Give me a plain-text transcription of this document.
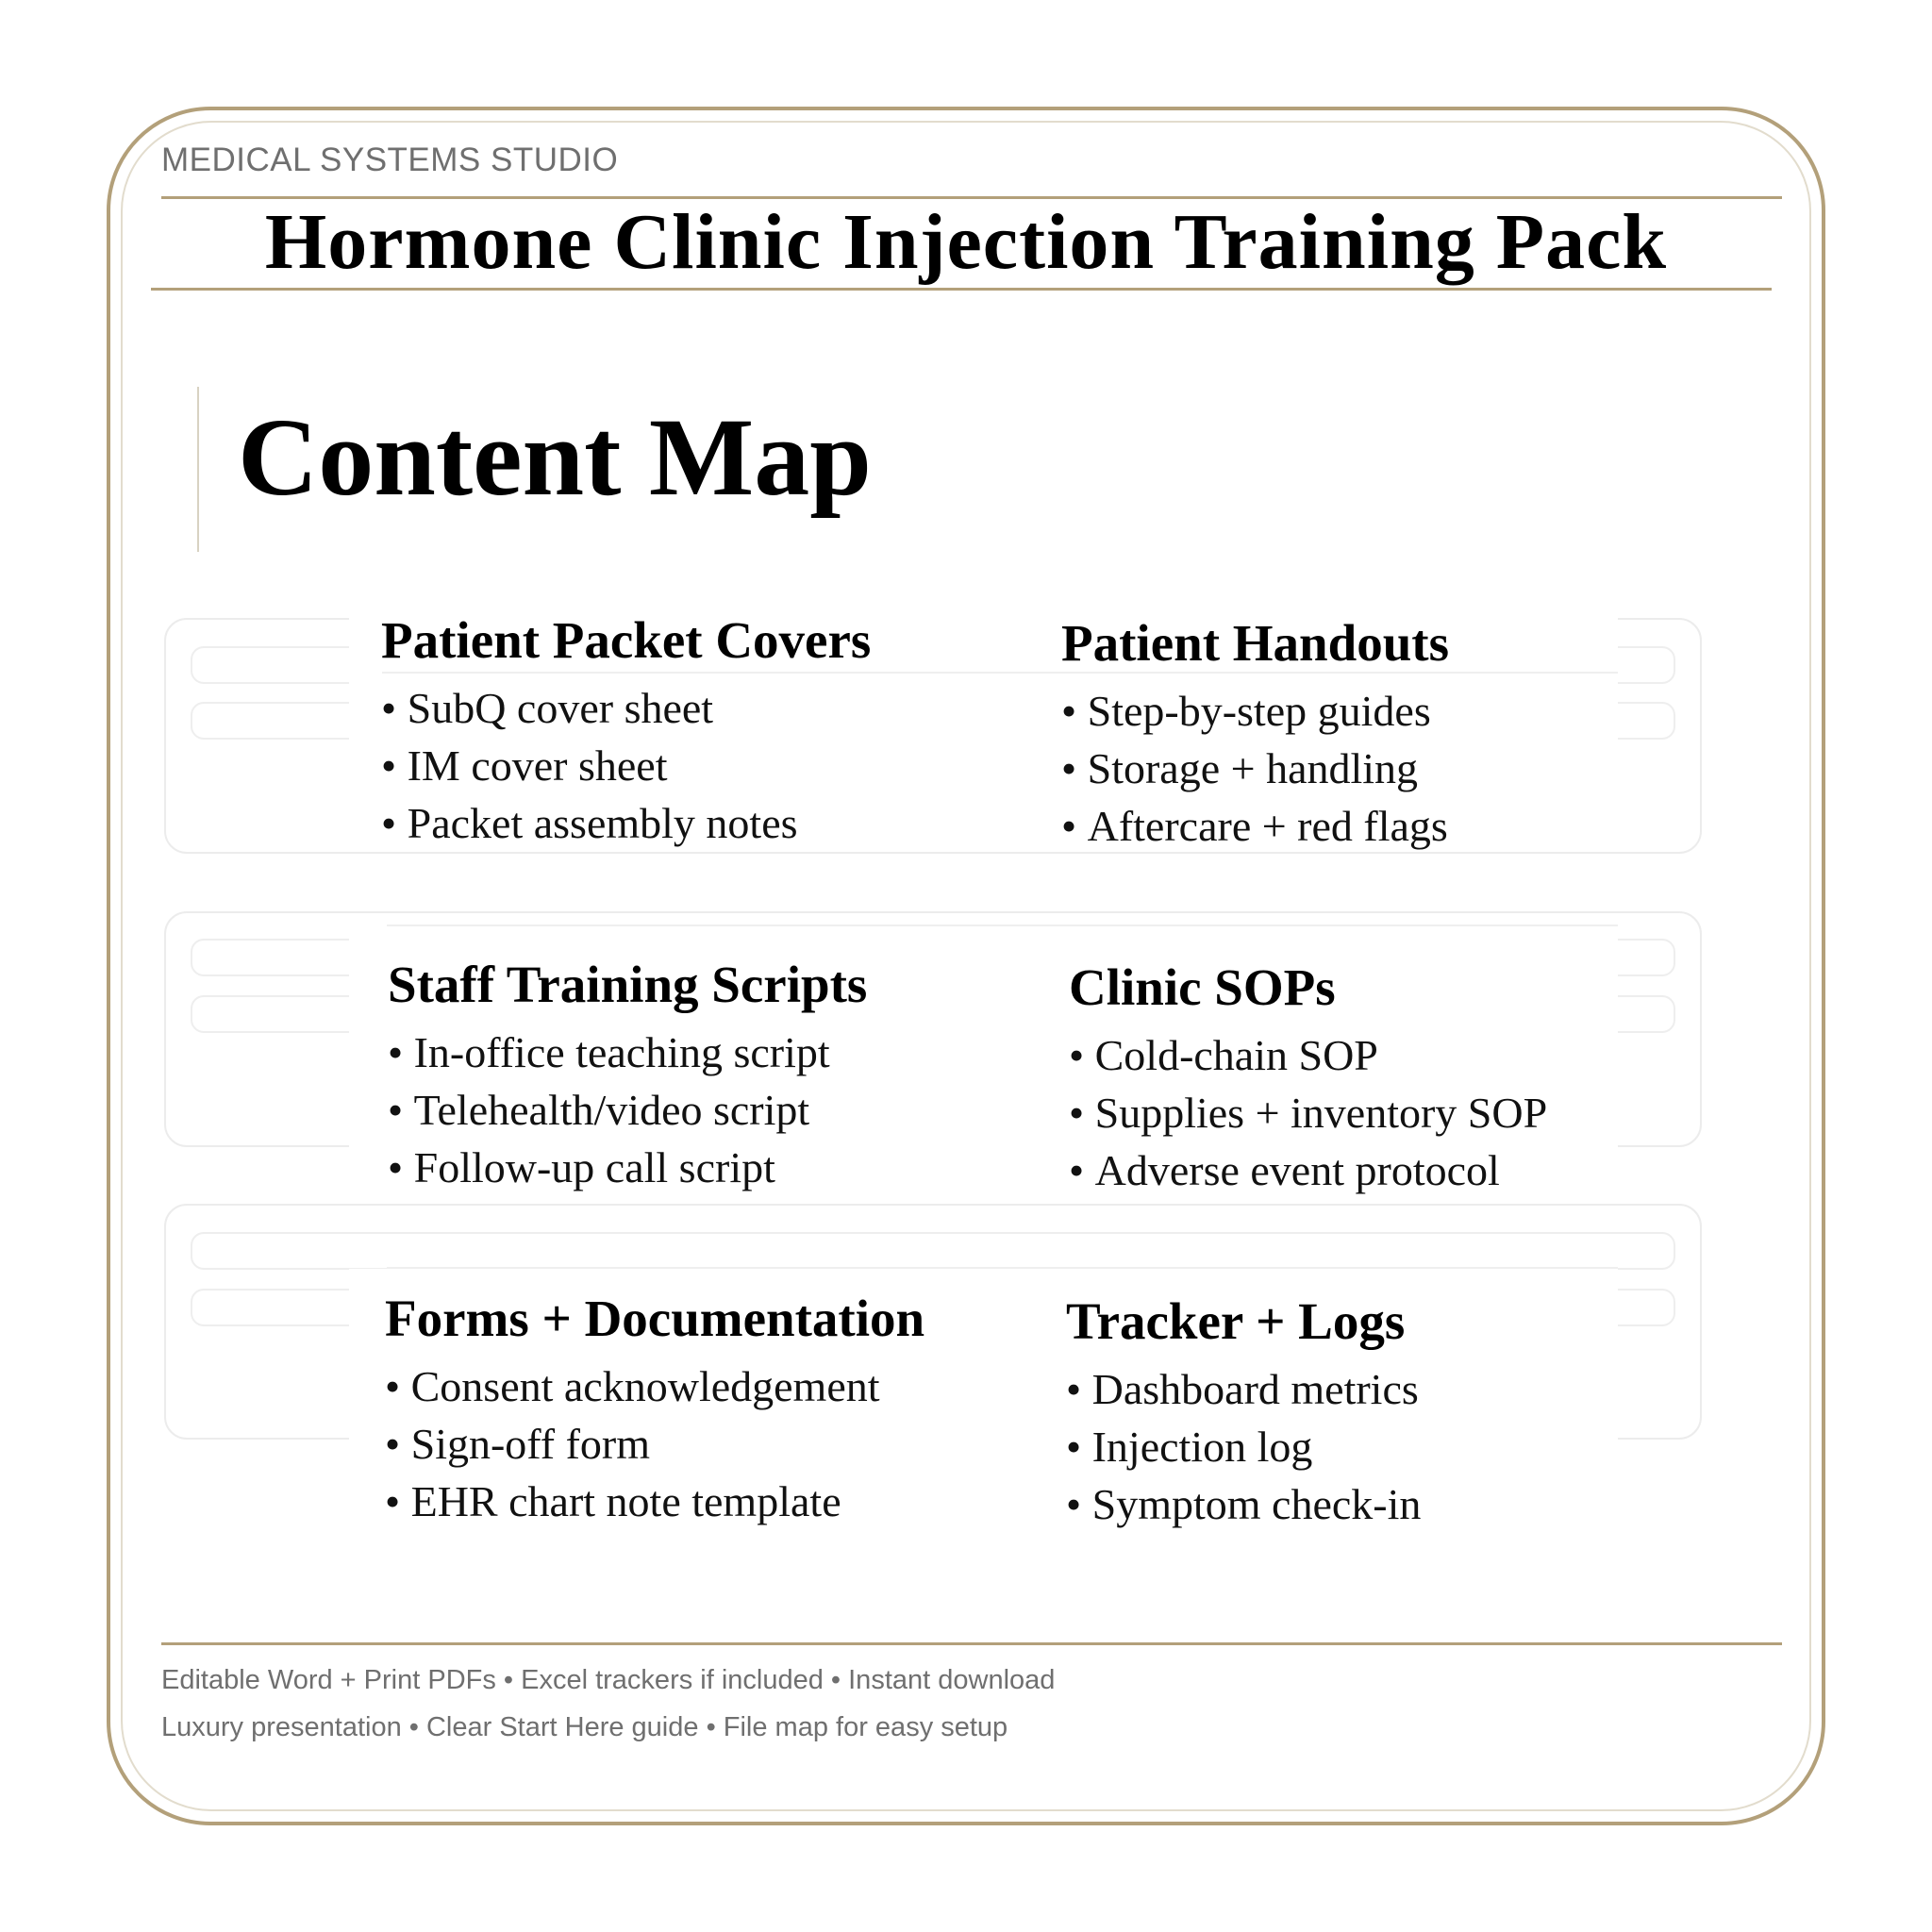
MEDICAL SYSTEMS STUDIO
Hormone Clinic Injection Training Pack
Content Map
Patient Packet Covers
• SubQ cover sheet
• IM cover sheet
• Packet assembly notes
Patient Handouts
• Step-by-step guides
• Storage + handling
• Aftercare + red flags
Staff Training Scripts
• In-office teaching script
• Telehealth/video script
• Follow-up call script
Clinic SOPs
• Cold-chain SOP
• Supplies + inventory SOP
• Adverse event protocol
Forms + Documentation
• Consent acknowledgement
• Sign-off form
• EHR chart note template
Tracker + Logs
• Dashboard metrics
• Injection log
• Symptom check-in
Editable Word + Print PDFs • Excel trackers if included • Instant download
Luxury presentation • Clear Start Here guide • File map for easy setup
